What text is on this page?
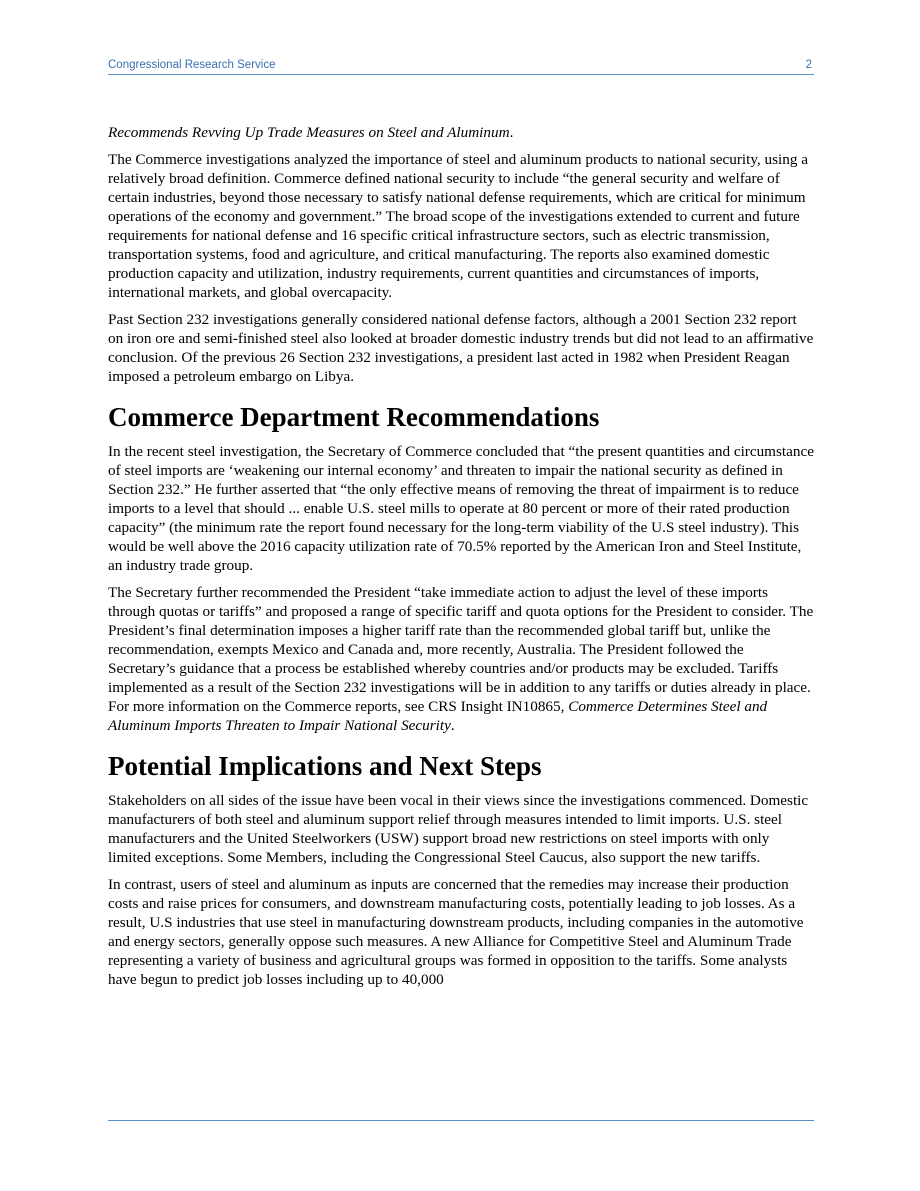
Congressional Research Service	2

Recommends Revving Up Trade Measures on Steel and Aluminum.

The Commerce investigations analyzed the importance of steel and aluminum products to national security, using a relatively broad definition. Commerce defined national security to include “the general security and welfare of certain industries, beyond those necessary to satisfy national defense requirements, which are critical for minimum operations of the economy and government.” The broad scope of the investigations extended to current and future requirements for national defense and 16 specific critical infrastructure sectors, such as electric transmission, transportation systems, food and agriculture, and critical manufacturing. The reports also examined domestic production capacity and utilization, industry requirements, current quantities and circumstances of imports, international markets, and global overcapacity.

Past Section 232 investigations generally considered national defense factors, although a 2001 Section 232 report on iron ore and semi-finished steel also looked at broader domestic industry trends but did not lead to an affirmative conclusion. Of the previous 26 Section 232 investigations, a president last acted in 1982 when President Reagan imposed a petroleum embargo on Libya.

Commerce Department Recommendations

In the recent steel investigation, the Secretary of Commerce concluded that “the present quantities and circumstance of steel imports are ‘weakening our internal economy’ and threaten to impair the national security as defined in Section 232.” He further asserted that “the only effective means of removing the threat of impairment is to reduce imports to a level that should ... enable U.S. steel mills to operate at 80 percent or more of their rated production capacity” (the minimum rate the report found necessary for the long-term viability of the U.S steel industry). This would be well above the 2016 capacity utilization rate of 70.5% reported by the American Iron and Steel Institute, an industry trade group.

The Secretary further recommended the President “take immediate action to adjust the level of these imports through quotas or tariffs” and proposed a range of specific tariff and quota options for the President to consider. The President’s final determination imposes a higher tariff rate than the recommended global tariff but, unlike the recommendation, exempts Mexico and Canada and, more recently, Australia. The President followed the Secretary’s guidance that a process be established whereby countries and/or products may be excluded. Tariffs implemented as a result of the Section 232 investigations will be in addition to any tariffs or duties already in place. For more information on the Commerce reports, see CRS Insight IN10865, Commerce Determines Steel and Aluminum Imports Threaten to Impair National Security.

Potential Implications and Next Steps

Stakeholders on all sides of the issue have been vocal in their views since the investigations commenced. Domestic manufacturers of both steel and aluminum support relief through measures intended to limit imports. U.S. steel manufacturers and the United Steelworkers (USW) support broad new restrictions on steel imports with only limited exceptions. Some Members, including the Congressional Steel Caucus, also support the new tariffs.

In contrast, users of steel and aluminum as inputs are concerned that the remedies may increase their production costs and raise prices for consumers, and downstream manufacturing costs, potentially leading to job losses. As a result, U.S industries that use steel in manufacturing downstream products, including companies in the automotive and energy sectors, generally oppose such measures. A new Alliance for Competitive Steel and Aluminum Trade representing a variety of business and agricultural groups was formed in opposition to the tariffs. Some analysts have begun to predict job losses including up to 40,000
